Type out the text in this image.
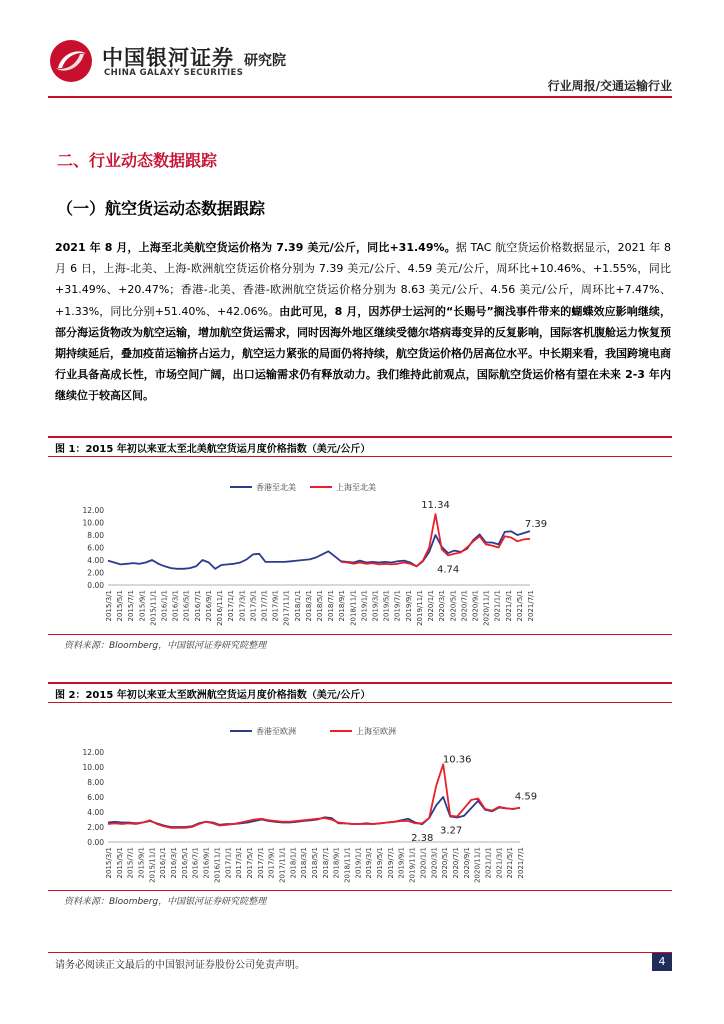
中国银河证券 研究院
CHINA GALAXY SECURITIES
行业周报/交通运输行业
二、行业动态数据跟踪
（一）航空货运动态数据跟踪
2021 年 8 月，上海至北美航空货运价格为 7.39 美元/公斤，同比+31.49%。据 TAC 航空货运价格数据显示，2021 年 8 月 6 日，上海-北美、上海-欧洲航空货运价格分别为 7.39 美元/公斤、4.59 美元/公斤，周环比+10.46%、+1.55%，同比+31.49%、+20.47%；香港-北美、香港-欧洲航空货运价格分别为 8.63 美元/公斤、4.56 美元/公斤，周环比+7.47%、+1.33%，同比分别+51.40%、+42.06%。由此可见，8 月，因苏伊士运河的“长赐号”搁浅事件带来的蝴蝶效应影响继续，部分海运货物改为航空运输，增加航空货运需求，同时因海外地区继续受德尔塔病毒变异的反复影响，国际客机腹舱运力恢复预期持续延后，叠加疫苗运输挤占运力，航空运力紧张的局面仍将持续，航空货运价格仍居高位水平。中长期来看，我国跨境电商行业具备高成长性，市场空间广阔，出口运输需求仍有释放动力。我们维持此前观点，国际航空货运价格有望在未来 2-3 年内继续位于较高区间。
图 1：2015 年初以来亚太至北美航空货运月度价格指数（美元/公斤）
香港至北美	上海至北美
0.00
2.00
4.00
6.00
8.00
10.00
12.00
2015/3/1 2015/5/1 2015/7/1 2015/9/1 2015/11/1 2016/1/1 2016/3/1 2016/5/1 2016/7/1 2016/9/1 2016/11/1 2017/1/1 2017/3/1 2017/5/1 2017/7/1 2017/9/1 2017/11/1 2018/1/1 2018/3/1 2018/5/1 2018/7/1 2018/9/1 2018/11/1 2019/1/1 2019/3/1 2019/5/1 2019/7/1 2019/9/1 2019/11/1 2020/1/1 2020/3/1 2020/5/1 2020/7/1 2020/9/1 2020/11/1 2021/1/1 2021/3/1 2021/5/1 2021/7/1
11.34
7.39
4.74
资料来源：Bloomberg，中国银河证券研究院整理
图 2：2015 年初以来亚太至欧洲航空货运月度价格指数（美元/公斤）
香港至欧洲	上海至欧洲
0.00
2.00
4.00
6.00
8.00
10.00
12.00
2015/3/1 2015/5/1 2015/7/1 2015/9/1 2015/11/1 2016/1/1 2016/3/1 2016/5/1 2016/7/1 2016/9/1 2016/11/1 2017/1/1 2017/3/1 2017/5/1 2017/7/1 2017/9/1 2017/11/1 2018/1/1 2018/3/1 2018/5/1 2018/7/1 2018/9/1 2018/11/1 2019/1/1 2019/3/1 2019/5/1 2019/7/1 2019/9/1 2019/11/1 2020/1/1 2020/3/1 2020/5/1 2020/7/1 2020/9/1 2020/11/1 2021/1/1 2021/3/1 2021/5/1 2021/7/1
10.36
4.59
2.38
3.27
资料来源：Bloomberg，中国银河证券研究院整理
请务必阅读正文最后的中国银河证券股份公司免责声明。	4
